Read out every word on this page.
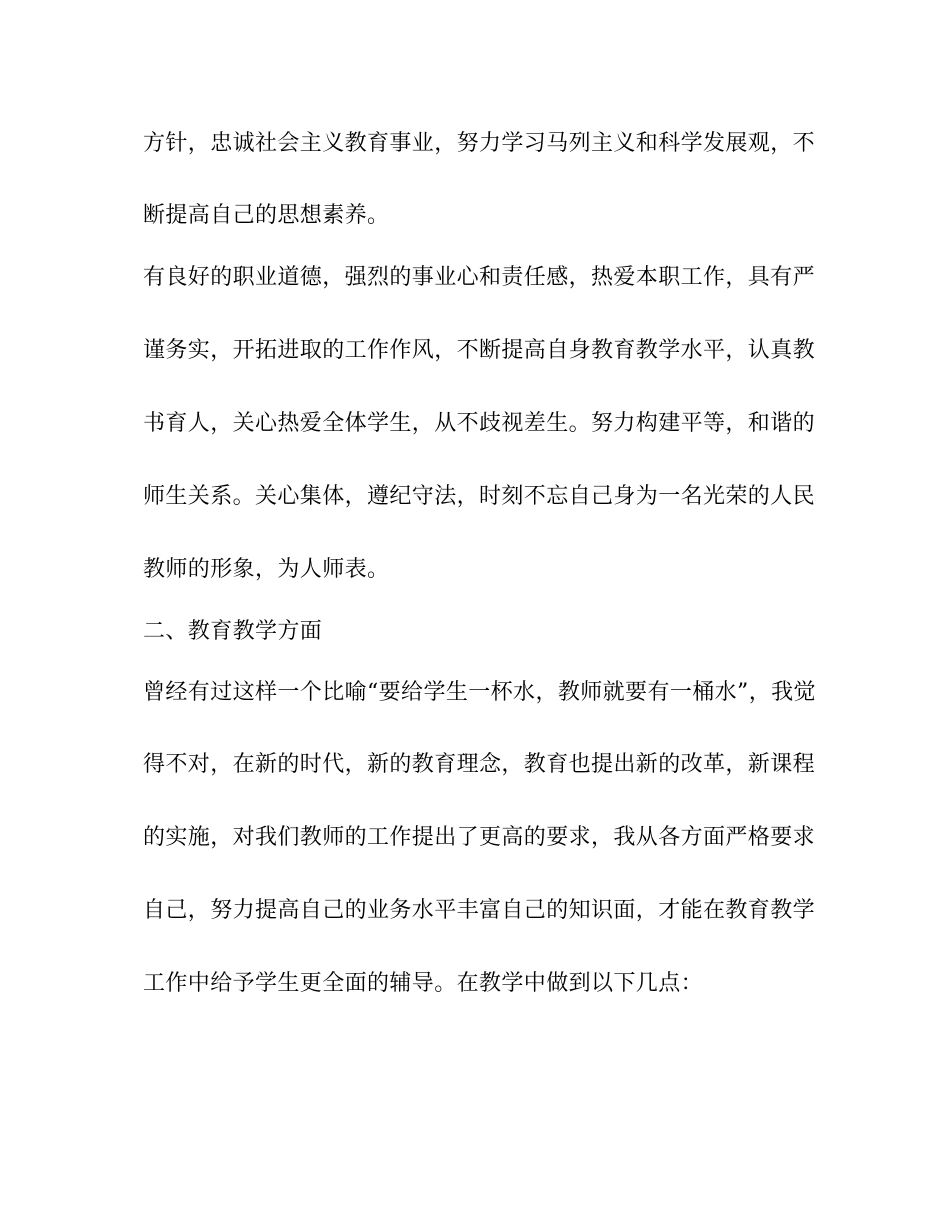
方针，忠诚社会主义教育事业，努力学习马列主义和科学发展观，不
断提高自己的思想素养。
有良好的职业道德，强烈的事业心和责任感，热爱本职工作，具有严
谨务实，开拓进取的工作作风，不断提高自身教育教学水平，认真教
书育人，关心热爱全体学生，从不歧视差生。努力构建平等，和谐的
师生关系。关心集体，遵纪守法，时刻不忘自己身为一名光荣的人民
教师的形象，为人师表。
二、教育教学方面
曾经有过这样一个比喻“要给学生一杯水，教师就要有一桶水”，我觉
得不对，在新的时代，新的教育理念，教育也提出新的改革，新课程
的实施，对我们教师的工作提出了更高的要求，我从各方面严格要求
自己，努力提高自己的业务水平丰富自己的知识面，才能在教育教学
工作中给予学生更全面的辅导。在教学中做到以下几点：
